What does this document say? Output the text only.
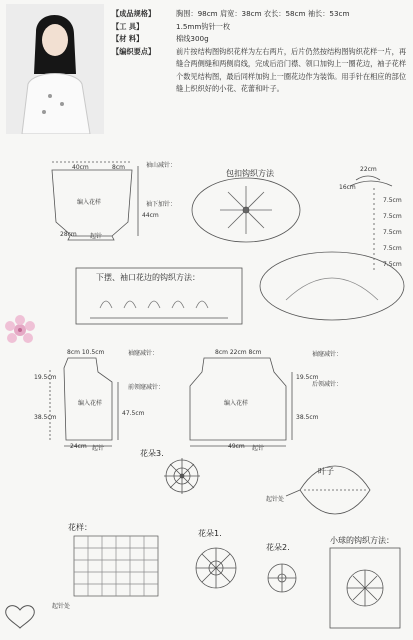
【成品规格】	胸围：98cm 肩宽：38cm 衣长：58cm 袖长：53cm
【工 具】	1.5mm钩针一枚
【材 料】	棉线300g
【编织要点】	前片按结构图钩织花样为左右两片，后片仍然按结构图钩织花样一片，再缝合两侧缝和两侧肩线，完成后沿门襟、领口加钩上一圈花边，袖子花样个数见结构图，最后同样加钩上一圈花边作为装饰。用手针在相应的部位缝上织织好的小花、花蕾和叶子。
40cm	8cm
编入花样
44cm
28cm 起针
袖山减针：
袖下加针：
包扣钩织方法	22cm
16cm
7.5cm
7.5cm
7.5cm
7.5cm
7.5cm
下摆、袖口花边的钩织方法：
8cm 10.5cm
19.5cm
38.5cm
47.5cm
24cm 起针
编入花样
袖窿减针：
前领窿减针：
8cm 22cm 8cm
19.5cm
38.5cm
49cm 起针
编入花样
袖窿减针：
后领减针：
花朵3.
叶子
起针处
花样：
起针处
花朵1.
花朵2.
小球的钩织方法：
